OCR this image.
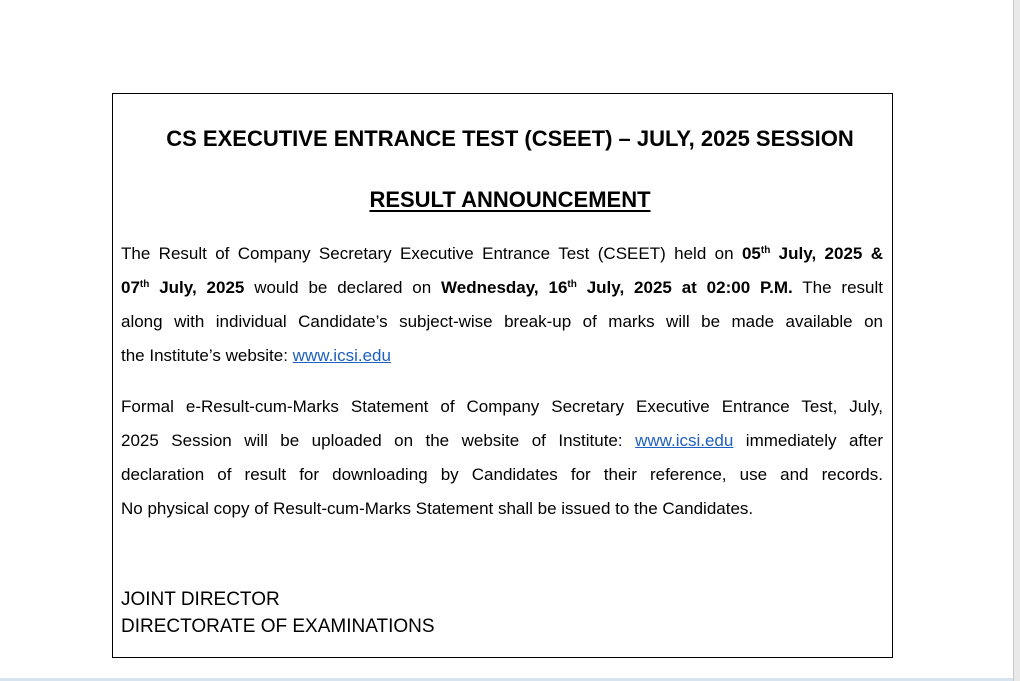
CS EXECUTIVE ENTRANCE TEST (CSEET) – JULY, 2025 SESSION
RESULT ANNOUNCEMENT

The Result of Company Secretary Executive Entrance Test (CSEET) held on 05th July, 2025 &
07th July, 2025 would be declared on Wednesday, 16th July, 2025 at 02:00 P.M. The result
along with individual Candidate’s subject-wise break-up of marks will be made available on
the Institute’s website: www.icsi.edu

Formal e-Result-cum-Marks Statement of Company Secretary Executive Entrance Test, July,
2025 Session will be uploaded on the website of Institute: www.icsi.edu immediately after
declaration of result for downloading by Candidates for their reference, use and records.
No physical copy of Result-cum-Marks Statement shall be issued to the Candidates.

JOINT DIRECTOR
DIRECTORATE OF EXAMINATIONS
